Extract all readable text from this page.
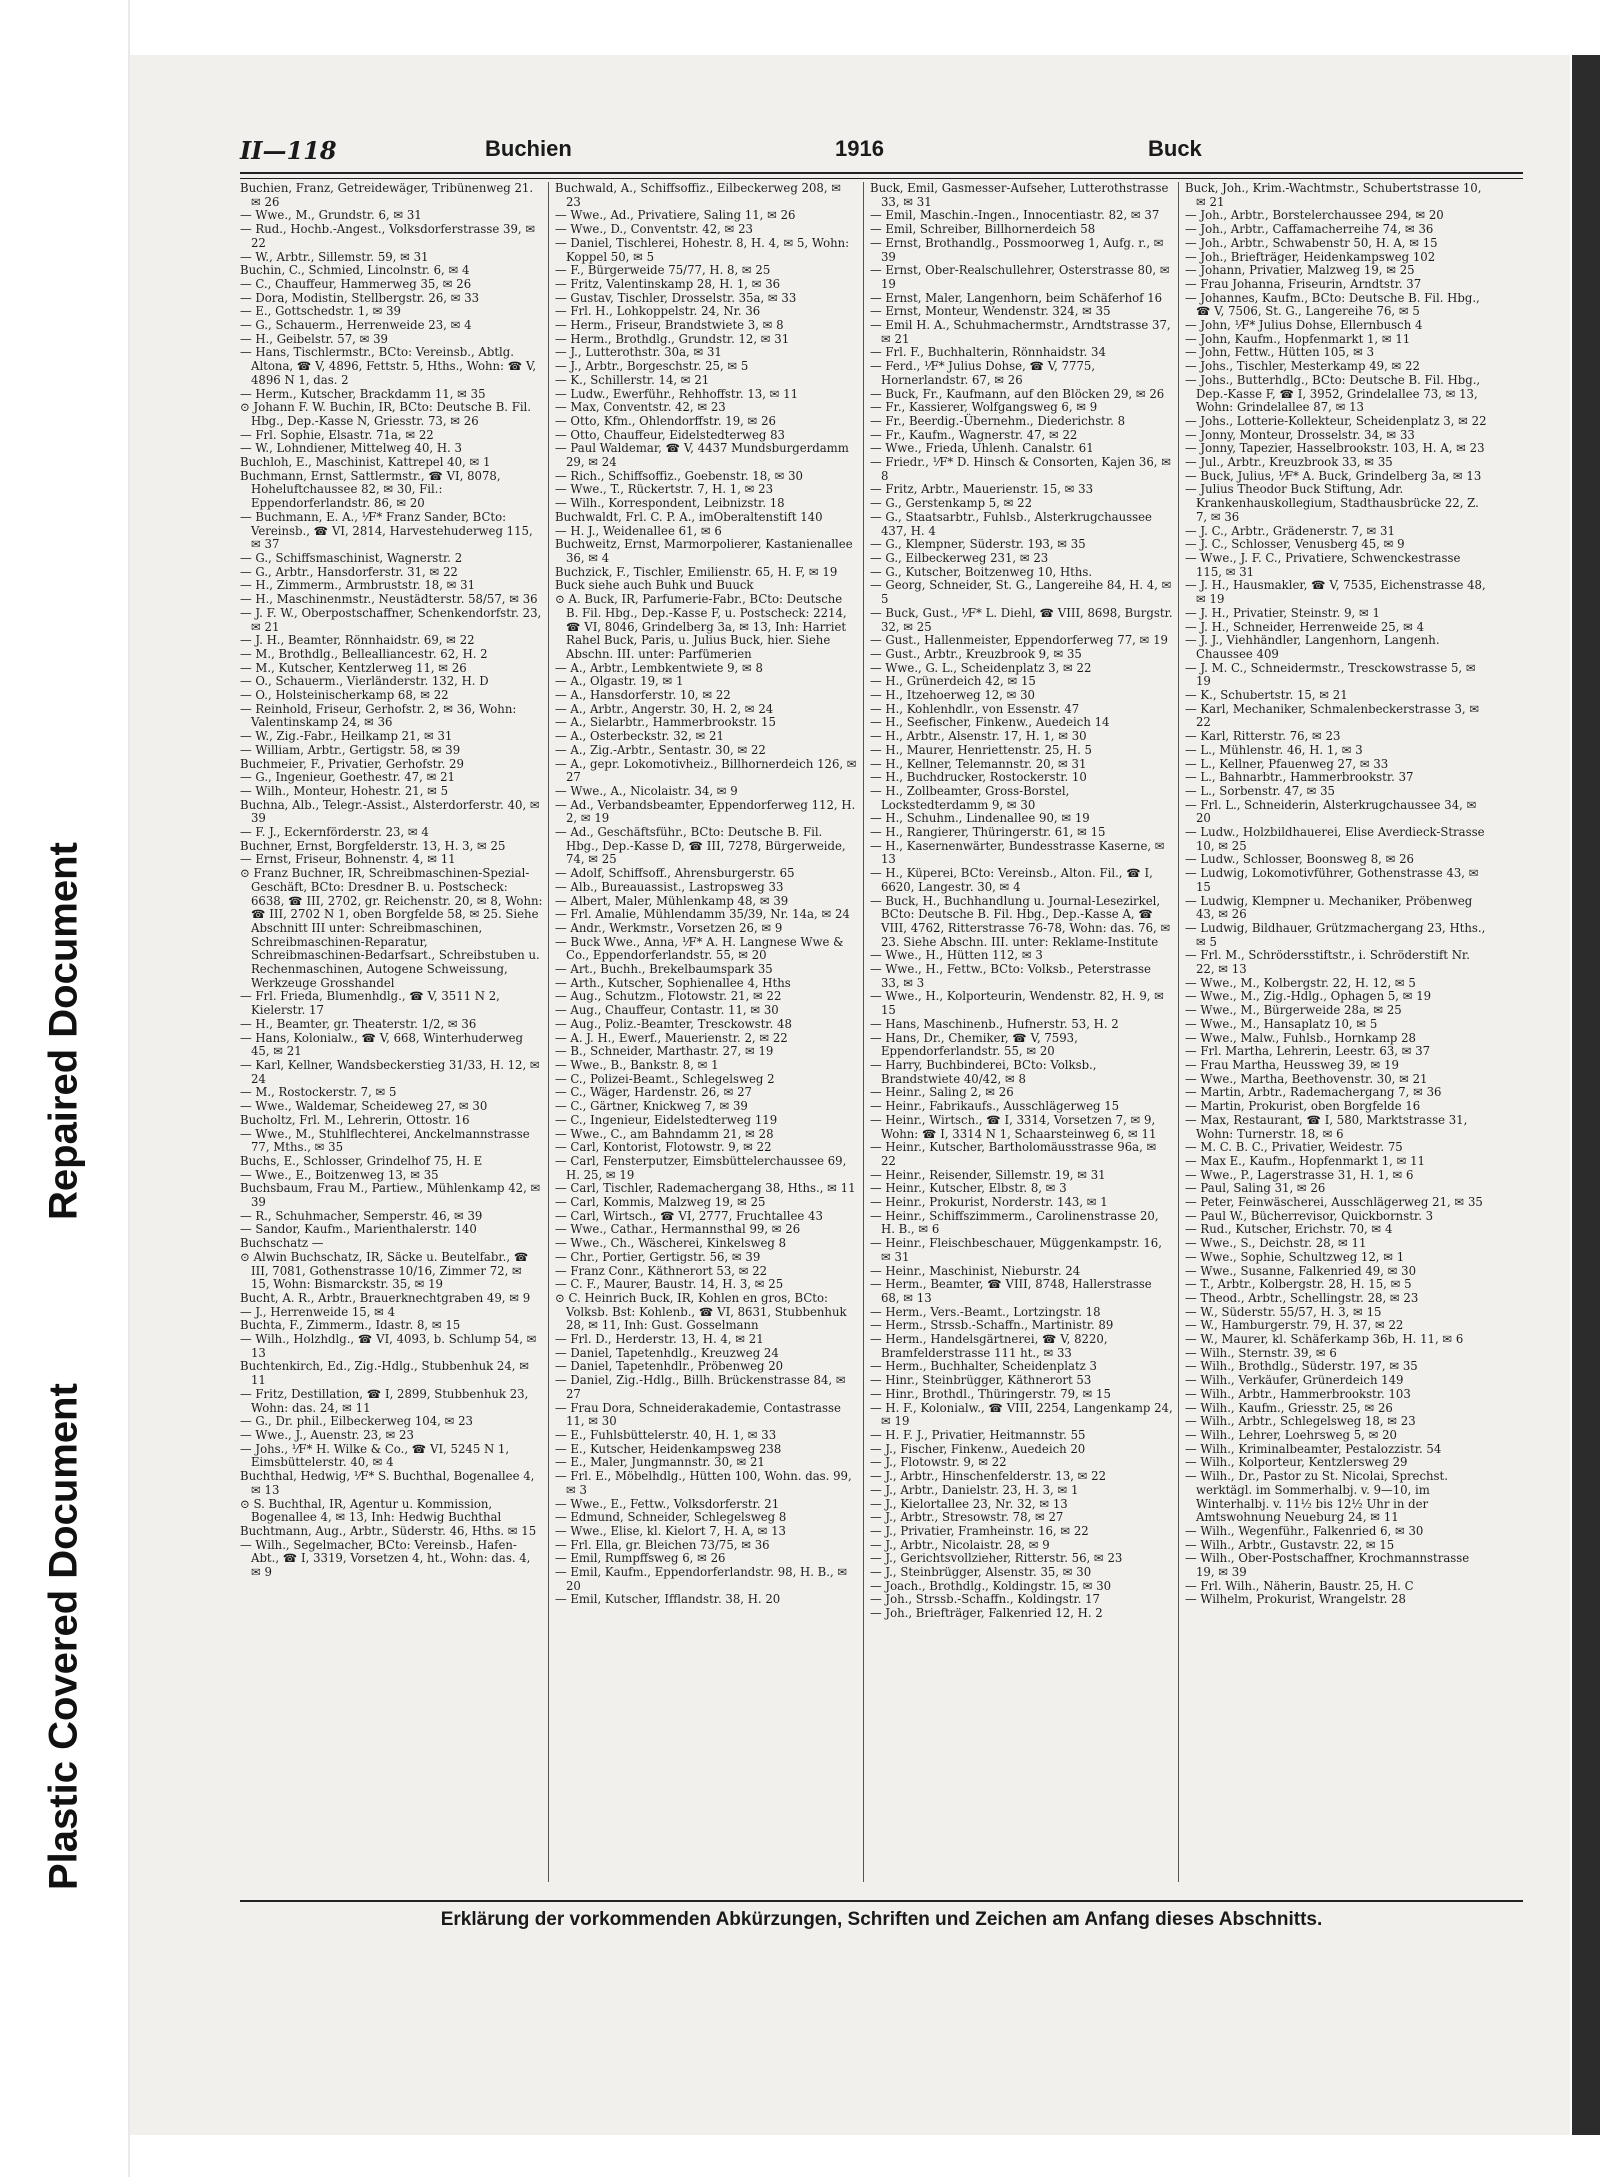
Plastic Covered Document
Repaired Document
II—118	Buchien	1916	Buck

Buchien, Franz, Getreidewäger, Tribünenweg 21. ✉ 26

— Wwe., M., Grundstr. 6, ✉ 31

— Rud., Hochb.-Angest., Volksdorferstrasse 39, ✉ 22

— W., Arbtr., Sillemstr. 59, ✉ 31

Buchin, C., Schmied, Lincolnstr. 6, ✉ 4

— C., Chauffeur, Hammerweg 35, ✉ 26

— Dora, Modistin, Stellbergstr. 26, ✉ 33

— E., Gottschedstr. 1, ✉ 39

— G., Schauerm., Herrenweide 23, ✉ 4

— H., Geibelstr. 57, ✉ 39

— Hans, Tischlermstr., BCto: Vereinsb., Abtlg. Altona, ☎ V, 4896, Fettstr. 5, Hths., Wohn: ☎ V, 4896 N 1, das. 2

— Herm., Kutscher, Brackdamm 11, ✉ 35

⊙ Johann F. W. Buchin, IR, BCto: Deutsche B. Fil. Hbg., Dep.-Kasse N, Griesstr. 73, ✉ 26

— Frl. Sophie, Elsastr. 71a, ✉ 22

— W., Lohndiener, Mittelweg 40, H. 3

Buchloh, E., Maschinist, Kattrepel 40, ✉ 1

Buchmann, Ernst, Sattlermstr., ☎ VI, 8078, Hoheluftchaussee 82, ✉ 30, Fil.: Eppendorferlandstr. 86, ✉ 20

— Buchmann, E. A., ⅟F* Franz Sander, BCto: Vereinsb., ☎ VI, 2814, Harvestehuderweg 115, ✉ 37

— G., Schiffsmaschinist, Wagnerstr. 2

— G., Arbtr., Hansdorferstr. 31, ✉ 22

— H., Zimmerm., Armbruststr. 18, ✉ 31

— H., Maschinenmstr., Neustädterstr. 58/57, ✉ 36

— J. F. W., Oberpostschaffner, Schenkendorfstr. 23, ✉ 21

— J. H., Beamter, Rönnhaidstr. 69, ✉ 22

— M., Brothdlg., Bellealliancestr. 62, H. 2

— M., Kutscher, Kentzlerweg 11, ✉ 26

— O., Schauerm., Vierländerstr. 132, H. D

— O., Holsteinischerkamp 68, ✉ 22

— Reinhold, Friseur, Gerhofstr. 2, ✉ 36, Wohn: Valentinskamp 24, ✉ 36

— W., Zig.-Fabr., Heilkamp 21, ✉ 31

— William, Arbtr., Gertigstr. 58, ✉ 39

Buchmeier, F., Privatier, Gerhofstr. 29

— G., Ingenieur, Goethestr. 47, ✉ 21

— Wilh., Monteur, Hohestr. 21, ✉ 5

Buchna, Alb., Telegr.-Assist., Alsterdorferstr. 40, ✉ 39

— F. J., Eckernförderstr. 23, ✉ 4

Buchner, Ernst, Borgfelderstr. 13, H. 3, ✉ 25

— Ernst, Friseur, Bohnenstr. 4, ✉ 11

⊙ Franz Buchner, IR, Schreibmaschinen-Spezial-Geschäft, BCto: Dresdner B. u. Postscheck: 6638, ☎ III, 2702, gr. Reichenstr. 20, ✉ 8, Wohn: ☎ III, 2702 N 1, oben Borgfelde 58, ✉ 25. Siehe Abschnitt III unter: Schreibmaschinen, Schreibmaschinen-Reparatur, Schreibmaschinen-Bedarfsart., Schreibstuben u. Rechenmaschinen, Autogene Schweissung, Werkzeuge Grosshandel

— Frl. Frieda, Blumenhdlg., ☎ V, 3511 N 2, Kielerstr. 17

— H., Beamter, gr. Theaterstr. 1/2, ✉ 36

— Hans, Kolonialw., ☎ V, 668, Winterhuderweg 45, ✉ 21

— Karl, Kellner, Wandsbeckerstieg 31/33, H. 12, ✉ 24

— M., Rostockerstr. 7, ✉ 5

— Wwe., Waldemar, Scheideweg 27, ✉ 30

Bucholtz, Frl. M., Lehrerin, Ottostr. 16

— Wwe., M., Stuhlflechterei, Anckelmannstrasse 77, Mths., ✉ 35

Buchs, E., Schlosser, Grindelhof 75, H. E

— Wwe., E., Boitzenweg 13, ✉ 35

Buchsbaum, Frau M., Partiew., Mühlenkamp 42, ✉ 39

— R., Schuhmacher, Semperstr. 46, ✉ 39

— Sandor, Kaufm., Marienthalerstr. 140

Buchschatz —

⊙ Alwin Buchschatz, IR, Säcke u. Beutelfabr., ☎ III, 7081, Gothenstrasse 10/16, Zimmer 72, ✉ 15, Wohn: Bismarckstr. 35, ✉ 19

Bucht, A. R., Arbtr., Brauerknechtgraben 49, ✉ 9

— J., Herrenweide 15, ✉ 4

Buchta, F., Zimmerm., Idastr. 8, ✉ 15

— Wilh., Holzhdlg., ☎ VI, 4093, b. Schlump 54, ✉ 13

Buchtenkirch, Ed., Zig.-Hdlg., Stubbenhuk 24, ✉ 11

— Fritz, Destillation, ☎ I, 2899, Stubbenhuk 23, Wohn: das. 24, ✉ 11

— G., Dr. phil., Eilbeckerweg 104, ✉ 23

— Wwe., J., Auenstr. 23, ✉ 23

— Johs., ⅟F* H. Wilke & Co., ☎ VI, 5245 N 1, Eimsbüttelerstr. 40, ✉ 4

Buchthal, Hedwig, ⅟F* S. Buchthal, Bogenallee 4, ✉ 13

⊙ S. Buchthal, IR, Agentur u. Kommission, Bogenallee 4, ✉ 13, Inh: Hedwig Buchthal

Buchtmann, Aug., Arbtr., Süderstr. 46, Hths. ✉ 15

— Wilh., Segelmacher, BCto: Vereinsb., Hafen-Abt., ☎ I, 3319, Vorsetzen 4, ht., Wohn: das. 4, ✉ 9

Buchwald, A., Schiffsoffiz., Eilbeckerweg 208, ✉ 23

— Wwe., Ad., Privatiere, Saling 11, ✉ 26

— Wwe., D., Conventstr. 42, ✉ 23

— Daniel, Tischlerei, Hohestr. 8, H. 4, ✉ 5, Wohn: Koppel 50, ✉ 5

— F., Bürgerweide 75/77, H. 8, ✉ 25

— Fritz, Valentinskamp 28, H. 1, ✉ 36

— Gustav, Tischler, Drosselstr. 35a, ✉ 33

— Frl. H., Lohkoppelstr. 24, Nr. 36

— Herm., Friseur, Brandstwiete 3, ✉ 8

— Herm., Brothdlg., Grundstr. 12, ✉ 31

— J., Lutterothstr. 30a, ✉ 31

— J., Arbtr., Borgeschstr. 25, ✉ 5

— K., Schillerstr. 14, ✉ 21

— Ludw., Ewerführ., Rehhoffstr. 13, ✉ 11

— Max, Conventstr. 42, ✉ 23

— Otto, Kfm., Ohlendorffstr. 19, ✉ 26

— Otto, Chauffeur, Eidelstedterweg 83

— Paul Waldemar, ☎ V, 4437 Mundsburgerdamm 29, ✉ 24

— Rich., Schiffsoffiz., Goebenstr. 18, ✉ 30

— Wwe., T., Rückertstr. 7, H. 1, ✉ 23

— Wilh., Korrespondent, Leibnizstr. 18

Buchwaldt, Frl. C. P. A., imOberaltenstift 140

— H. J., Weidenallee 61, ✉ 6

Buchweitz, Ernst, Marmorpolierer, Kastanienallee 36, ✉ 4

Buchzick, F., Tischler, Emilienstr. 65, H. F, ✉ 19

Buck siehe auch Buhk und Buuck

⊙ A. Buck, IR, Parfumerie-Fabr., BCto: Deutsche B. Fil. Hbg., Dep.-Kasse F, u. Postscheck: 2214, ☎ VI, 8046, Grindelberg 3a, ✉ 13, Inh: Harriet Rahel Buck, Paris, u. Julius Buck, hier. Siehe Abschn. III. unter: Parfümerien

— A., Arbtr., Lembkentwiete 9, ✉ 8

— A., Olgastr. 19, ✉ 1

— A., Hansdorferstr. 10, ✉ 22

— A., Arbtr., Angerstr. 30, H. 2, ✉ 24

— A., Sielarbtr., Hammerbrookstr. 15

— A., Osterbeckstr. 32, ✉ 21

— A., Zig.-Arbtr., Sentastr. 30, ✉ 22

— A., gepr. Lokomotivheiz., Billhornerdeich 126, ✉ 27

— Wwe., A., Nicolaistr. 34, ✉ 9

— Ad., Verbandsbeamter, Eppendorferweg 112, H. 2, ✉ 19

— Ad., Geschäftsführ., BCto: Deutsche B. Fil. Hbg., Dep.-Kasse D, ☎ III, 7278, Bürgerweide, 74, ✉ 25

— Adolf, Schiffsoff., Ahrensburgerstr. 65

— Alb., Bureauassist., Lastropsweg 33

— Albert, Maler, Mühlenkamp 48, ✉ 39

— Frl. Amalie, Mühlendamm 35/39, Nr. 14a, ✉ 24

— Andr., Werkmstr., Vorsetzen 26, ✉ 9

— Buck Wwe., Anna, ⅟F* A. H. Langnese Wwe & Co., Eppendorferlandstr. 55, ✉ 20

— Art., Buchh., Brekelbaumspark 35

— Arth., Kutscher, Sophienallee 4, Hths

— Aug., Schutzm., Flotowstr. 21, ✉ 22

— Aug., Chauffeur, Contastr. 11, ✉ 30

— Aug., Poliz.-Beamter, Tresckowstr. 48

— A. J. H., Ewerf., Mauerienstr. 2, ✉ 22

— B., Schneider, Marthastr. 27, ✉ 19

— Wwe., B., Bankstr. 8, ✉ 1

— C., Polizei-Beamt., Schlegelsweg 2

— C., Wäger, Hardenstr. 26, ✉ 27

— C., Gärtner, Knickweg 7, ✉ 39

— C., Ingenieur, Eidelstedterweg 119

— Wwe., C., am Bahndamm 21, ✉ 28

— Carl, Kontorist, Flotowstr. 9, ✉ 22

— Carl, Fensterputzer, Eimsbüttelerchaussee 69, H. 25, ✉ 19

— Carl, Tischler, Rademachergang 38, Hths., ✉ 11

— Carl, Kommis, Malzweg 19, ✉ 25

— Carl, Wirtsch., ☎ VI, 2777, Fruchtallee 43

— Wwe., Cathar., Hermannsthal 99, ✉ 26

— Wwe., Ch., Wäscherei, Kinkelsweg 8

— Chr., Portier, Gertigstr. 56, ✉ 39

— Franz Conr., Käthnerort 53, ✉ 22

— C. F., Maurer, Baustr. 14, H. 3, ✉ 25

⊙ C. Heinrich Buck, IR, Kohlen en gros, BCto: Volksb. Bst: Kohlenb., ☎ VI, 8631, Stubbenhuk 28, ✉ 11, Inh: Gust. Gosselmann

— Frl. D., Herderstr. 13, H. 4, ✉ 21

— Daniel, Tapetenhdlg., Kreuzweg 24

— Daniel, Tapetenhdlr., Pröbenweg 20

— Daniel, Zig.-Hdlg., Billh. Brückenstrasse 84, ✉ 27

— Frau Dora, Schneiderakademie, Contastrasse 11, ✉ 30

— E., Fuhlsbüttelerstr. 40, H. 1, ✉ 33

— E., Kutscher, Heidenkampsweg 238

— E., Maler, Jungmannstr. 30, ✉ 21

— Frl. E., Möbelhdlg., Hütten 100, Wohn. das. 99, ✉ 3

— Wwe., E., Fettw., Volksdorferstr. 21

— Edmund, Schneider, Schlegelsweg 8

— Wwe., Elise, kl. Kielort 7, H. A, ✉ 13

— Frl. Ella, gr. Bleichen 73/75, ✉ 36

— Emil, Rumpffsweg 6, ✉ 26

— Emil, Kaufm., Eppendorferlandstr. 98, H. B., ✉ 20

— Emil, Kutscher, Ifflandstr. 38, H. 20

Buck, Emil, Gasmesser-Aufseher, Lutterothstrasse 33, ✉ 31

— Emil, Maschin.-Ingen., Innocentiastr. 82, ✉ 37

— Emil, Schreiber, Billhornerdeich 58

— Ernst, Brothandlg., Possmoorweg 1, Aufg. r., ✉ 39

— Ernst, Ober-Realschullehrer, Osterstrasse 80, ✉ 19

— Ernst, Maler, Langenhorn, beim Schäferhof 16

— Ernst, Monteur, Wendenstr. 324, ✉ 35

— Emil H. A., Schuhmachermstr., Arndtstrasse 37, ✉ 21

— Frl. F., Buchhalterin, Rönnhaidstr. 34

— Ferd., ⅟F* Julius Dohse, ☎ V, 7775, Hornerlandstr. 67, ✉ 26

— Buck, Fr., Kaufmann, auf den Blöcken 29, ✉ 26

— Fr., Kassierer, Wolfgangsweg 6, ✉ 9

— Fr., Beerdig.-Übernehm., Diederichstr. 8

— Fr., Kaufm., Wagnerstr. 47, ✉ 22

— Wwe., Frieda, Uhlenh. Canalstr. 61

— Friedr., ⅟F* D. Hinsch & Consorten, Kajen 36, ✉ 8

— Fritz, Arbtr., Mauerienstr. 15, ✉ 33

— G., Gerstenkamp 5, ✉ 22

— G., Staatsarbtr., Fuhlsb., Alsterkrugchaussee 437, H. 4

— G., Klempner, Süderstr. 193, ✉ 35

— G., Eilbeckerweg 231, ✉ 23

— G., Kutscher, Boitzenweg 10, Hths.

— Georg, Schneider, St. G., Langereihe 84, H. 4, ✉ 5

— Buck, Gust., ⅟F* L. Diehl, ☎ VIII, 8698, Burgstr. 32, ✉ 25

— Gust., Hallenmeister, Eppendorferweg 77, ✉ 19

— Gust., Arbtr., Kreuzbrook 9, ✉ 35

— Wwe., G. L., Scheidenplatz 3, ✉ 22

— H., Grünerdeich 42, ✉ 15

— H., Itzehoerweg 12, ✉ 30

— H., Kohlenhdlr., von Essenstr. 47

— H., Seefischer, Finkenw., Auedeich 14

— H., Arbtr., Alsenstr. 17, H. 1, ✉ 30

— H., Maurer, Henriettenstr. 25, H. 5

— H., Kellner, Telemannstr. 20, ✉ 31

— H., Buchdrucker, Rostockerstr. 10

— H., Zollbeamter, Gross-Borstel, Lockstedterdamm 9, ✉ 30

— H., Schuhm., Lindenallee 90, ✉ 19

— H., Rangierer, Thüringerstr. 61, ✉ 15

— H., Kasernenwärter, Bundesstrasse Kaserne, ✉ 13

— H., Küperei, BCto: Vereinsb., Alton. Fil., ☎ I, 6620, Langestr. 30, ✉ 4

— Buck, H., Buchhandlung u. Journal-Lesezirkel, BCto: Deutsche B. Fil. Hbg., Dep.-Kasse A, ☎ VIII, 4762, Ritterstrasse 76-78, Wohn: das. 76, ✉ 23. Siehe Abschn. III. unter: Reklame-Institute

— Wwe., H., Hütten 112, ✉ 3

— Wwe., H., Fettw., BCto: Volksb., Peterstrasse 33, ✉ 3

— Wwe., H., Kolporteurin, Wendenstr. 82, H. 9, ✉ 15

— Hans, Maschinenb., Hufnerstr. 53, H. 2

— Hans, Dr., Chemiker, ☎ V, 7593, Eppendorferlandstr. 55, ✉ 20

— Harry, Buchbinderei, BCto: Volksb., Brandstwiete 40/42, ✉ 8

— Heinr., Saling 2, ✉ 26

— Heinr., Fabrikaufs., Ausschlägerweg 15

— Heinr., Wirtsch., ☎ I, 3314, Vorsetzen 7, ✉ 9, Wohn: ☎ I, 3314 N 1, Schaarsteinweg 6, ✉ 11

— Heinr., Kutscher, Bartholomäusstrasse 96a, ✉ 22

— Heinr., Reisender, Sillemstr. 19, ✉ 31

— Heinr., Kutscher, Elbstr. 8, ✉ 3

— Heinr., Prokurist, Norderstr. 143, ✉ 1

— Heinr., Schiffszimmerm., Carolinenstrasse 20, H. B., ✉ 6

— Heinr., Fleischbeschauer, Müggenkampstr. 16, ✉ 31

— Heinr., Maschinist, Nieburstr. 24

— Herm., Beamter, ☎ VIII, 8748, Hallerstrasse 68, ✉ 13

— Herm., Vers.-Beamt., Lortzingstr. 18

— Herm., Strssb.-Schaffn., Martinistr. 89

— Herm., Handelsgärtnerei, ☎ V, 8220, Bramfelderstrasse 111 ht., ✉ 33

— Herm., Buchhalter, Scheidenplatz 3

— Hinr., Steinbrügger, Käthnerort 53

— Hinr., Brothdl., Thüringerstr. 79, ✉ 15

— H. F., Kolonialw., ☎ VIII, 2254, Langenkamp 24, ✉ 19

— H. F. J., Privatier, Heitmannstr. 55

— J., Fischer, Finkenw., Auedeich 20

— J., Flotowstr. 9, ✉ 22

— J., Arbtr., Hinschenfelderstr. 13, ✉ 22

— J., Arbtr., Danielstr. 23, H. 3, ✉ 1

— J., Kielortallee 23, Nr. 32, ✉ 13

— J., Arbtr., Stresowstr. 78, ✉ 27

— J., Privatier, Framheinstr. 16, ✉ 22

— J., Arbtr., Nicolaistr. 28, ✉ 9

— J., Gerichtsvollzieher, Ritterstr. 56, ✉ 23

— J., Steinbrügger, Alsenstr. 35, ✉ 30

— Joach., Brothdlg., Koldingstr. 15, ✉ 30

— Joh., Strssb.-Schaffn., Koldingstr. 17

— Joh., Briefträger, Falkenried 12, H. 2

Buck, Joh., Krim.-Wachtmstr., Schubertstrasse 10, ✉ 21

— Joh., Arbtr., Borstelerchaussee 294, ✉ 20

— Joh., Arbtr., Caffamacherreihe 74, ✉ 36

— Joh., Arbtr., Schwabenstr 50, H. A, ✉ 15

— Joh., Briefträger, Heidenkampsweg 102

— Johann, Privatier, Malzweg 19, ✉ 25

— Frau Johanna, Friseurin, Arndtstr. 37

— Johannes, Kaufm., BCto: Deutsche B. Fil. Hbg., ☎ V, 7506, St. G., Langereihe 76, ✉ 5

— John, ⅟F* Julius Dohse, Ellernbusch 4

— John, Kaufm., Hopfenmarkt 1, ✉ 11

— John, Fettw., Hütten 105, ✉ 3

— Johs., Tischler, Mesterkamp 49, ✉ 22

— Johs., Butterhdlg., BCto: Deutsche B. Fil. Hbg., Dep.-Kasse F, ☎ I, 3952, Grindelallee 73, ✉ 13, Wohn: Grindelallee 87, ✉ 13

— Johs., Lotterie-Kollekteur, Scheidenplatz 3, ✉ 22

— Jonny, Monteur, Drosselstr. 34, ✉ 33

— Jonny, Tapezier, Hasselbrookstr. 103, H. A, ✉ 23

— Jul., Arbtr., Kreuzbrook 33, ✉ 35

— Buck, Julius, ⅟F* A. Buck, Grindelberg 3a, ✉ 13

— Julius Theodor Buck Stiftung, Adr. Krankenhauskollegium, Stadthausbrücke 22, Z. 7, ✉ 36

— J. C., Arbtr., Grädenerstr. 7, ✉ 31

— J. C., Schlosser, Venusberg 45, ✉ 9

— Wwe., J. F. C., Privatiere, Schwenckestrasse 115, ✉ 31

— J. H., Hausmakler, ☎ V, 7535, Eichenstrasse 48, ✉ 19

— J. H., Privatier, Steinstr. 9, ✉ 1

— J. H., Schneider, Herrenweide 25, ✉ 4

— J. J., Viehhändler, Langenhorn, Langenh. Chaussee 409

— J. M. C., Schneidermstr., Tresckowstrasse 5, ✉ 19

— K., Schubertstr. 15, ✉ 21

— Karl, Mechaniker, Schmalenbeckerstrasse 3, ✉ 22

— Karl, Ritterstr. 76, ✉ 23

— L., Mühlenstr. 46, H. 1, ✉ 3

— L., Kellner, Pfauenweg 27, ✉ 33

— L., Bahnarbtr., Hammerbrookstr. 37

— L., Sorbenstr. 47, ✉ 35

— Frl. L., Schneiderin, Alsterkrugchaussee 34, ✉ 20

— Ludw., Holzbildhauerei, Elise Averdieck-Strasse 10, ✉ 25

— Ludw., Schlosser, Boonsweg 8, ✉ 26

— Ludwig, Lokomotivführer, Gothenstrasse 43, ✉ 15

— Ludwig, Klempner u. Mechaniker, Pröbenweg 43, ✉ 26

— Ludwig, Bildhauer, Grützmachergang 23, Hths., ✉ 5

— Frl. M., Schrödersstiftstr., i. Schröderstift Nr. 22, ✉ 13

— Wwe., M., Kolbergstr. 22, H. 12, ✉ 5

— Wwe., M., Zig.-Hdlg., Ophagen 5, ✉ 19

— Wwe., M., Bürgerweide 28a, ✉ 25

— Wwe., M., Hansaplatz 10, ✉ 5

— Wwe., Malw., Fuhlsb., Hornkamp 28

— Frl. Martha, Lehrerin, Leestr. 63, ✉ 37

— Frau Martha, Heussweg 39, ✉ 19

— Wwe., Martha, Beethovenstr. 30, ✉ 21

— Martin, Arbtr., Rademachergang 7, ✉ 36

— Martin, Prokurist, oben Borgfelde 16

— Max, Restaurant, ☎ I, 580, Marktstrasse 31, Wohn: Turnerstr. 18, ✉ 6

— M. C. B. C., Privatier, Weidestr. 75

— Max E., Kaufm., Hopfenmarkt 1, ✉ 11

— Wwe., P., Lagerstrasse 31, H. 1, ✉ 6

— Paul, Saling 31, ✉ 26

— Peter, Feinwäscherei, Ausschlägerweg 21, ✉ 35

— Paul W., Bücherrevisor, Quickbornstr. 3

— Rud., Kutscher, Erichstr. 70, ✉ 4

— Wwe., S., Deichstr. 28, ✉ 11

— Wwe., Sophie, Schultzweg 12, ✉ 1

— Wwe., Susanne, Falkenried 49, ✉ 30

— T., Arbtr., Kolbergstr. 28, H. 15, ✉ 5

— Theod., Arbtr., Schellingstr. 28, ✉ 23

— W., Süderstr. 55/57, H. 3, ✉ 15

— W., Hamburgerstr. 79, H. 37, ✉ 22

— W., Maurer, kl. Schäferkamp 36b, H. 11, ✉ 6

— Wilh., Sternstr. 39, ✉ 6

— Wilh., Brothdlg., Süderstr. 197, ✉ 35

— Wilh., Verkäufer, Grünerdeich 149

— Wilh., Arbtr., Hammerbrookstr. 103

— Wilh., Kaufm., Griesstr. 25, ✉ 26

— Wilh., Arbtr., Schlegelsweg 18, ✉ 23

— Wilh., Lehrer, Loehrsweg 5, ✉ 20

— Wilh., Kriminalbeamter, Pestalozzistr. 54

— Wilh., Kolporteur, Kentzlersweg 29

— Wilh., Dr., Pastor zu St. Nicolai, Sprechst. werktägl. im Sommerhalbj. v. 9—10, im Winterhalbj. v. 11½ bis 12½ Uhr in der Amtswohnung Neueburg 24, ✉ 11

— Wilh., Wegenführ., Falkenried 6, ✉ 30

— Wilh., Arbtr., Gustavstr. 22, ✉ 15

— Wilh., Ober-Postschaffner, Krochmannstrasse 19, ✉ 39

— Frl. Wilh., Näherin, Baustr. 25, H. C

— Wilhelm, Prokurist, Wrangelstr. 28

Erklärung der vorkommenden Abkürzungen, Schriften und Zeichen am Anfang dieses Abschnitts.
